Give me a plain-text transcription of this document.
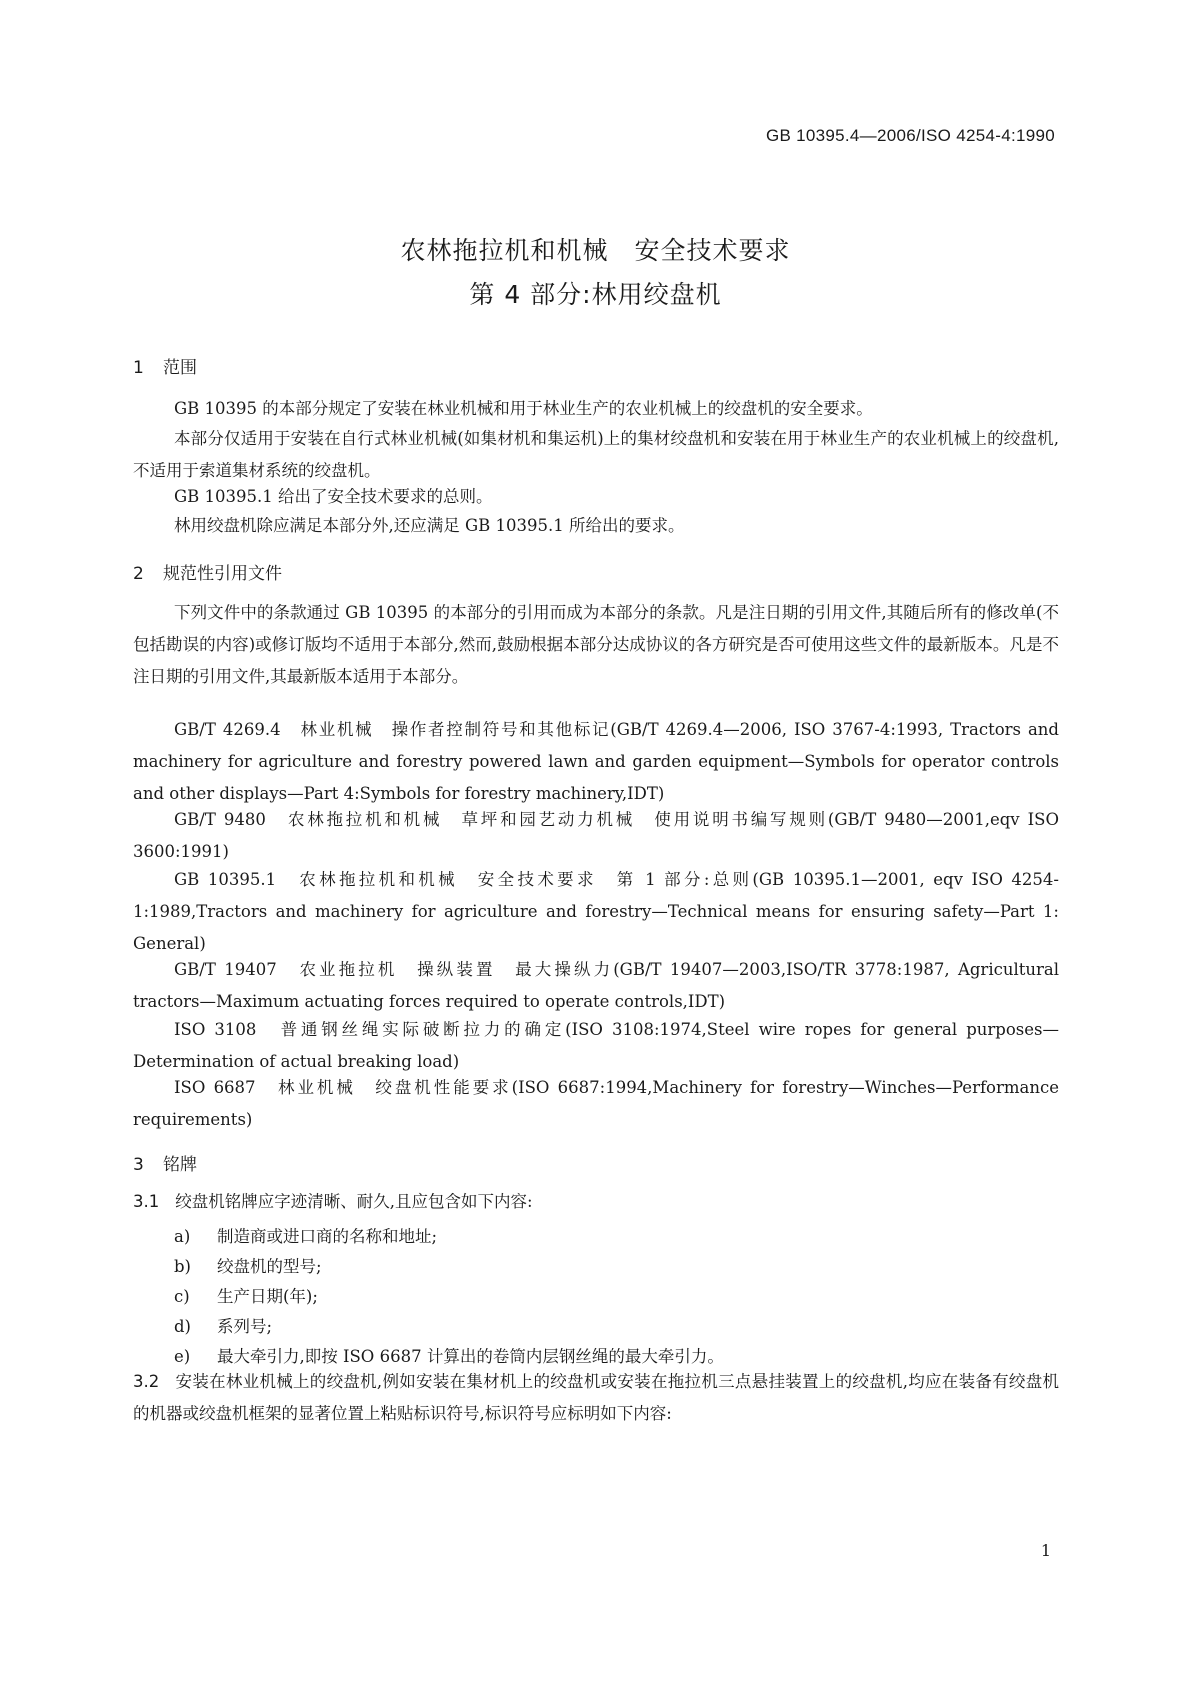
GB 10395.4—2006/ISO 4254-4:1990
农林拖拉机和机械　安全技术要求
第 4 部分:林用绞盘机
1 范围

GB 10395 的本部分规定了安装在林业机械和用于林业生产的农业机械上的绞盘机的安全要求。

本部分仅适用于安装在自行式林业机械(如集材机和集运机)上的集材绞盘机和安装在用于林业生产的农业机械上的绞盘机,不适用于索道集材系统的绞盘机。

GB 10395.1 给出了安全技术要求的总则。

林用绞盘机除应满足本部分外,还应满足 GB 10395.1 所给出的要求。

2 规范性引用文件

下列文件中的条款通过 GB 10395 的本部分的引用而成为本部分的条款。凡是注日期的引用文件,其随后所有的修改单(不包括勘误的内容)或修订版均不适用于本部分,然而,鼓励根据本部分达成协议的各方研究是否可使用这些文件的最新版本。凡是不注日期的引用文件,其最新版本适用于本部分。

GB/T 4269.4　林业机械　操作者控制符号和其他标记(GB/T 4269.4—2006, ISO 3767-4:1993, Tractors and machinery for agriculture and forestry powered lawn and garden equipment—Symbols for operator controls and other displays—Part 4:Symbols for forestry machinery,IDT)

GB/T 9480　农林拖拉机和机械　草坪和园艺动力机械　使用说明书编写规则(GB/T 9480—2001,eqv ISO 3600:1991)

GB 10395.1　农林拖拉机和机械　安全技术要求　第 1 部分:总则(GB 10395.1—2001, eqv ISO 4254-1:1989,Tractors and machinery for agriculture and forestry—Technical means for ensuring safety—Part 1: General)

GB/T 19407　农业拖拉机　操纵装置　最大操纵力(GB/T 19407—2003,ISO/TR 3778:1987, Agricultural tractors—Maximum actuating forces required to operate controls,IDT)

ISO 3108　普通钢丝绳实际破断拉力的确定(ISO 3108:1974,Steel wire ropes for general purposes—Determination of actual breaking load)

ISO 6687　林业机械　绞盘机性能要求(ISO 6687:1994,Machinery for forestry—Winches—Performance requirements)

3 铭牌

3.1 绞盘机铭牌应字迹清晰、耐久,且应包含如下内容:

a) 制造商或进口商的名称和地址;
b) 绞盘机的型号;
c) 生产日期(年);
d) 系列号;
e) 最大牵引力,即按 ISO 6687 计算出的卷筒内层钢丝绳的最大牵引力。

3.2 安装在林业机械上的绞盘机,例如安装在集材机上的绞盘机或安装在拖拉机三点悬挂装置上的绞盘机,均应在装备有绞盘机的机器或绞盘机框架的显著位置上粘贴标识符号,标识符号应标明如下内容:

1
